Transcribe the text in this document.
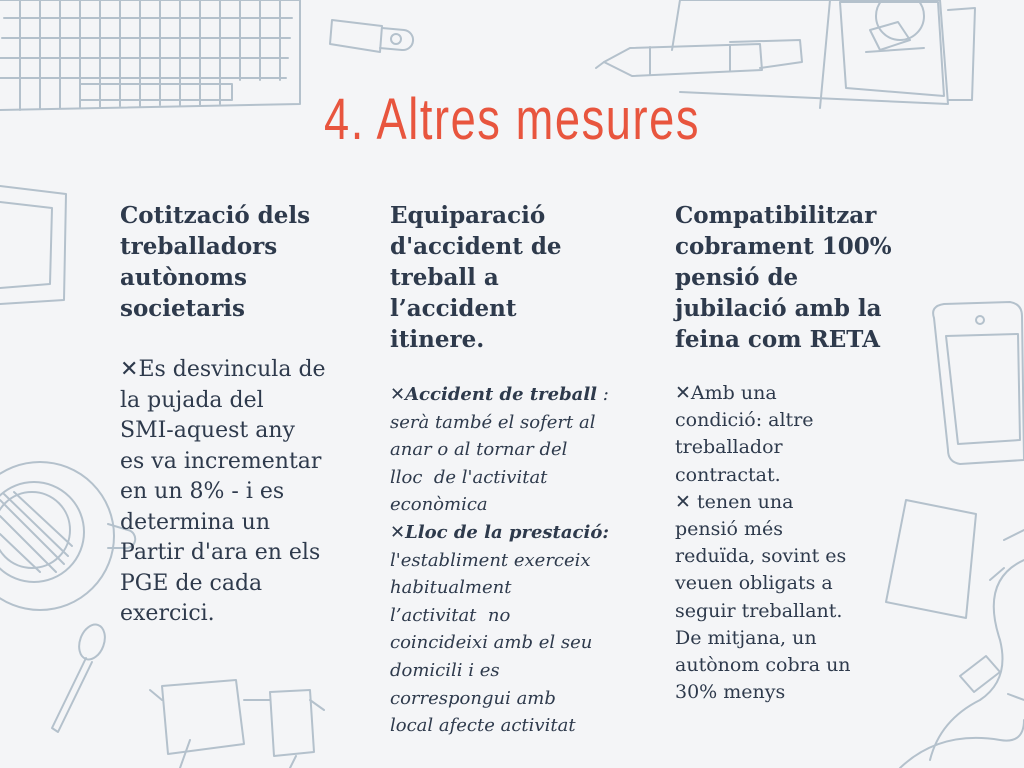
4. Altres mesures
Cotització dels
treballadors
autònoms
societaris
✕Es desvincula de
la pujada del
SMI-aquest any
es va incrementar
en un 8% - i es
determina un
Partir d'ara en els
PGE de cada
exercici.
Equiparació
d'accident de
treball a
l’accident
itinere.
✕Accident de treball :
serà també el sofert al
anar o al tornar del
lloc  de l'activitat
econòmica
✕Lloc de la prestació:
l'establiment exerceix
habitualment
l’activitat  no
coincideixi amb el seu
domicili i es
correspongui amb
local afecte activitat
Compatibilitzar
cobrament 100%
pensió de
jubilació amb la
feina com RETA
✕Amb una
condició: altre
treballador
contractat.
✕ tenen una
pensió més
reduïda, sovint es
veuen obligats a
seguir treballant.
De mitjana, un
autònom cobra un
30% menys
